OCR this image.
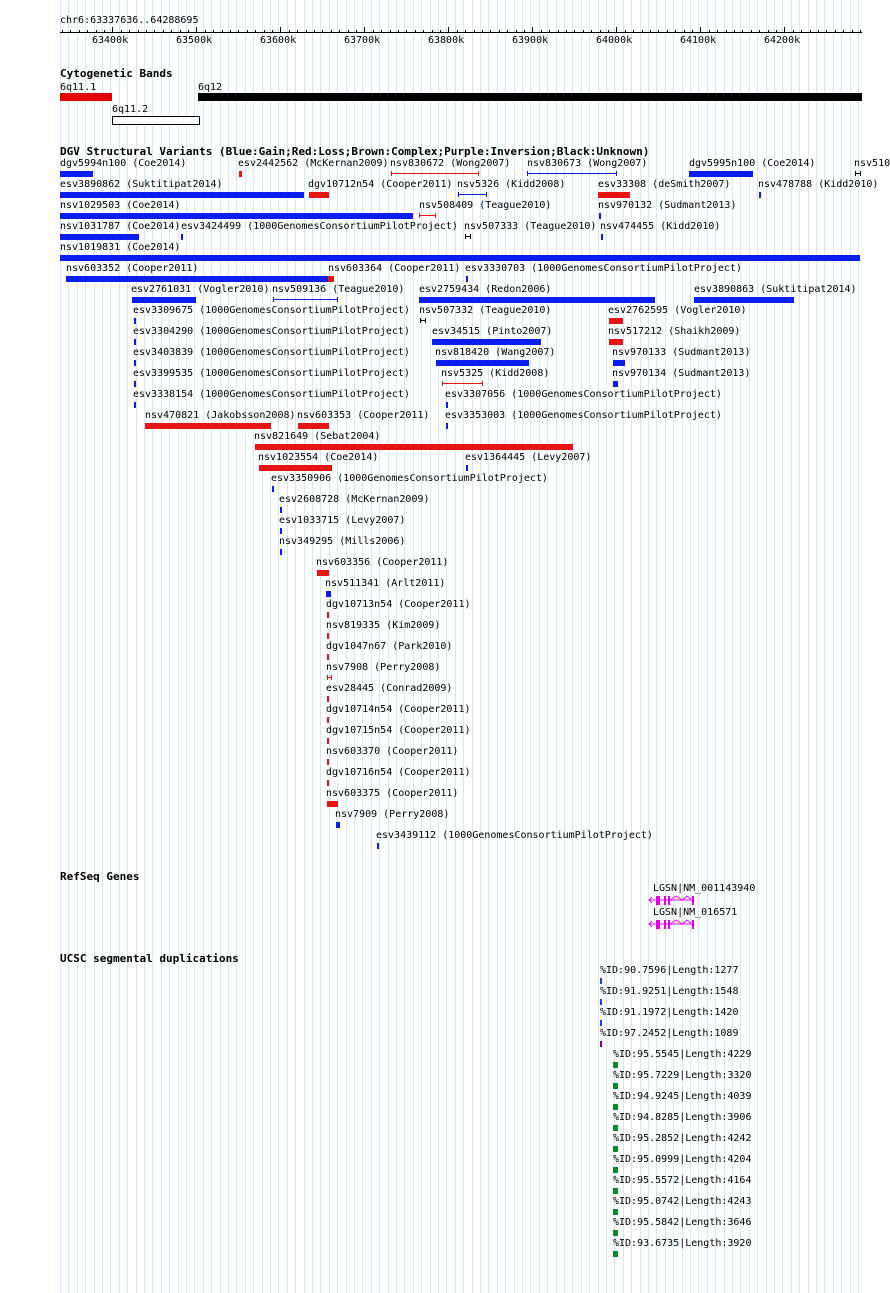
chr6:63337636..64288695
63400k	63500k	63600k	63700k	63800k	63900k	64000k	64100k	64200k
Cytogenetic Bands
DGV Structural Variants (Blue:Gain;Red:Loss;Brown:Complex;Purple:Inversion;Black:Unknown)
RefSeq Genes
UCSC segmental duplications
6q11.1	6q12
6q11.2
dgv5994n100 (Coe2014)	esv2442562 (McKernan2009) nsv830672 (Wong2007) nsv830673 (Wong2007)	dgv5995n100 (Coe2014)	nsv510
esv3890862 (Suktitipat2014)	dgv10712n54 (Cooper2011) nsv5326 (Kidd2008)	esv33308 (deSmith2007)	nsv478788 (Kidd2010)
nsv1029503 (Coe2014)	nsv508409 (Teague2010)	nsv970132 (Sudmant2013)
nsv1031787 (Coe2014) esv3424499 (1000GenomesConsortiumPilotProject) nsv507333 (Teague2010) nsv474455 (Kidd2010)
nsv1019831 (Coe2014)
nsv603352 (Cooper2011)	nsv603364 (Cooper2011) esv3330703 (1000GenomesConsortiumPilotProject)
esv2761031 (Vogler2010) nsv509136 (Teague2010) esv2759434 (Redon2006)	esv3890863 (Suktitipat2014)
esv3309675 (1000GenomesConsortiumPilotProject) nsv507332 (Teague2010)	esv2762595 (Vogler2010)
esv3304290 (1000GenomesConsortiumPilotProject) esv34515 (Pinto2007)	nsv517212 (Shaikh2009)
esv3403839 (1000GenomesConsortiumPilotProject)	nsv818420 (Wang2007)	nsv970133 (Sudmant2013)
esv3399535 (1000GenomesConsortiumPilotProject)	nsv5325 (Kidd2008)	nsv970134 (Sudmant2013)
esv3338154 (1000GenomesConsortiumPilotProject)	esv3307056 (1000GenomesConsortiumPilotProject)
nsv470821 (Jakobsson2008) nsv603353 (Cooper2011) esv3353003 (1000GenomesConsortiumPilotProject)
nsv821649 (Sebat2004)
nsv1023554 (Coe2014)	esv1364445 (Levy2007)
esv3350906 (1000GenomesConsortiumPilotProject)
esv2608728 (McKernan2009)
esv1033715 (Levy2007)
nsv349295 (Mills2006)
nsv603356 (Cooper2011)
nsv511341 (Arlt2011)
dgv10713n54 (Cooper2011)
nsv819335 (Kim2009)
dgv1047n67 (Park2010)
nsv7908 (Perry2008)
esv28445 (Conrad2009)
dgv10714n54 (Cooper2011)
dgv10715n54 (Cooper2011)
nsv603370 (Cooper2011)
dgv10716n54 (Cooper2011)
nsv603375 (Cooper2011)
nsv7909 (Perry2008)
esv3439112 (1000GenomesConsortiumPilotProject)
LGSN|NM_001143940
LGSN|NM_016571
%ID:90.7596|Length:1277
%ID:91.9251|Length:1548
%ID:91.1972|Length:1420
%ID:97.2452|Length:1089
%ID:95.5545|Length:4229
%ID:95.7229|Length:3320
%ID:94.9245|Length:4039
%ID:94.8285|Length:3906
%ID:95.2852|Length:4242
%ID:95.0999|Length:4204
%ID:95.5572|Length:4164
%ID:95.0742|Length:4243
%ID:95.5842|Length:3646
%ID:93.6735|Length:3920
